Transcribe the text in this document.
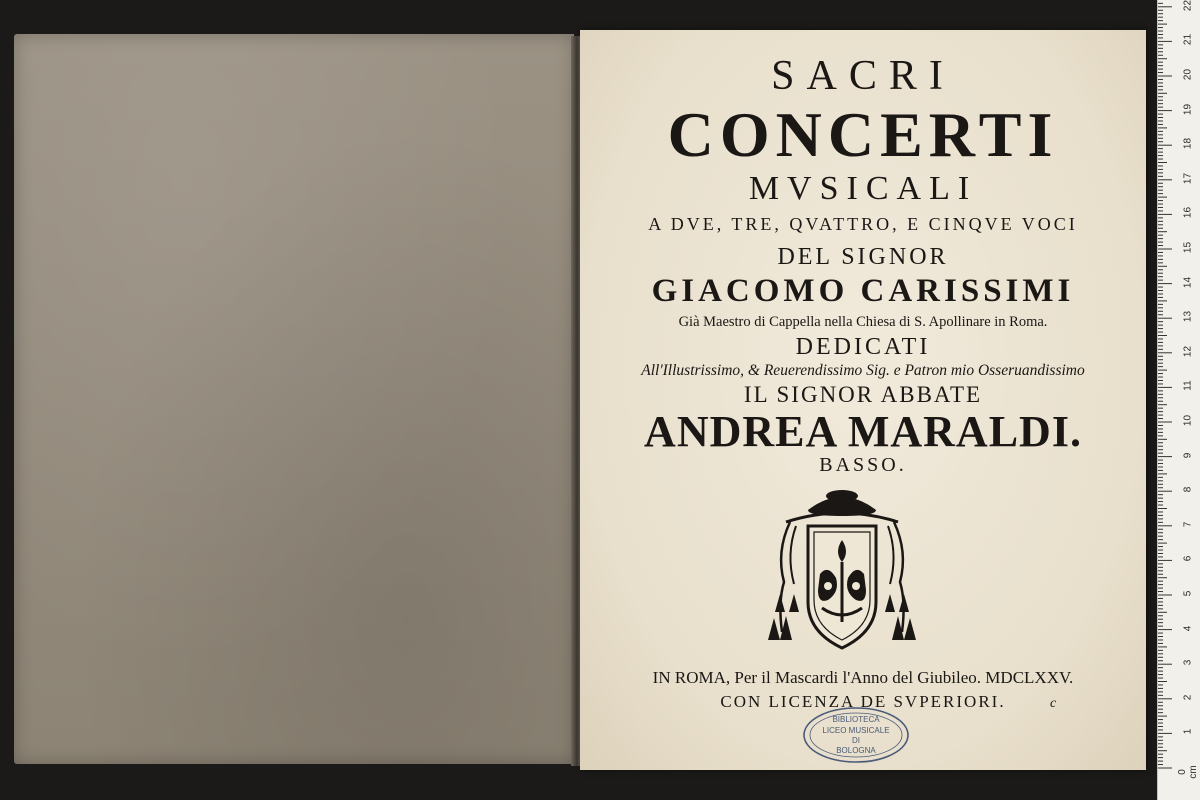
SACRI
CONCERTI
MVSICALI
A DVE, TRE, QVATTRO, E CINQVE VOCI
DEL SIGNOR
GIACOMO CARISSIMI
Già Maestro di Cappella nella Chiesa di S. Apollinare in Roma.
DEDICATI
All'Illustrissimo, & Reuerendissimo Sig. e Patron mio Osseruandissimo
IL SIGNOR ABBATE
ANDREA MARALDI.
BASSO.
IN ROMA, Per il Mascardi l'Anno del Giubileo. MDCLXXV.
CON LICENZA DE SVPERIORI.	c
BIBLIOTECA
LICEO MUSICALE
DI
BOLOGNA
0 cm
1
2
3
4
5
6
7
8
9
10
11
12
13
14
15
16
17
18
19
20
21
22
